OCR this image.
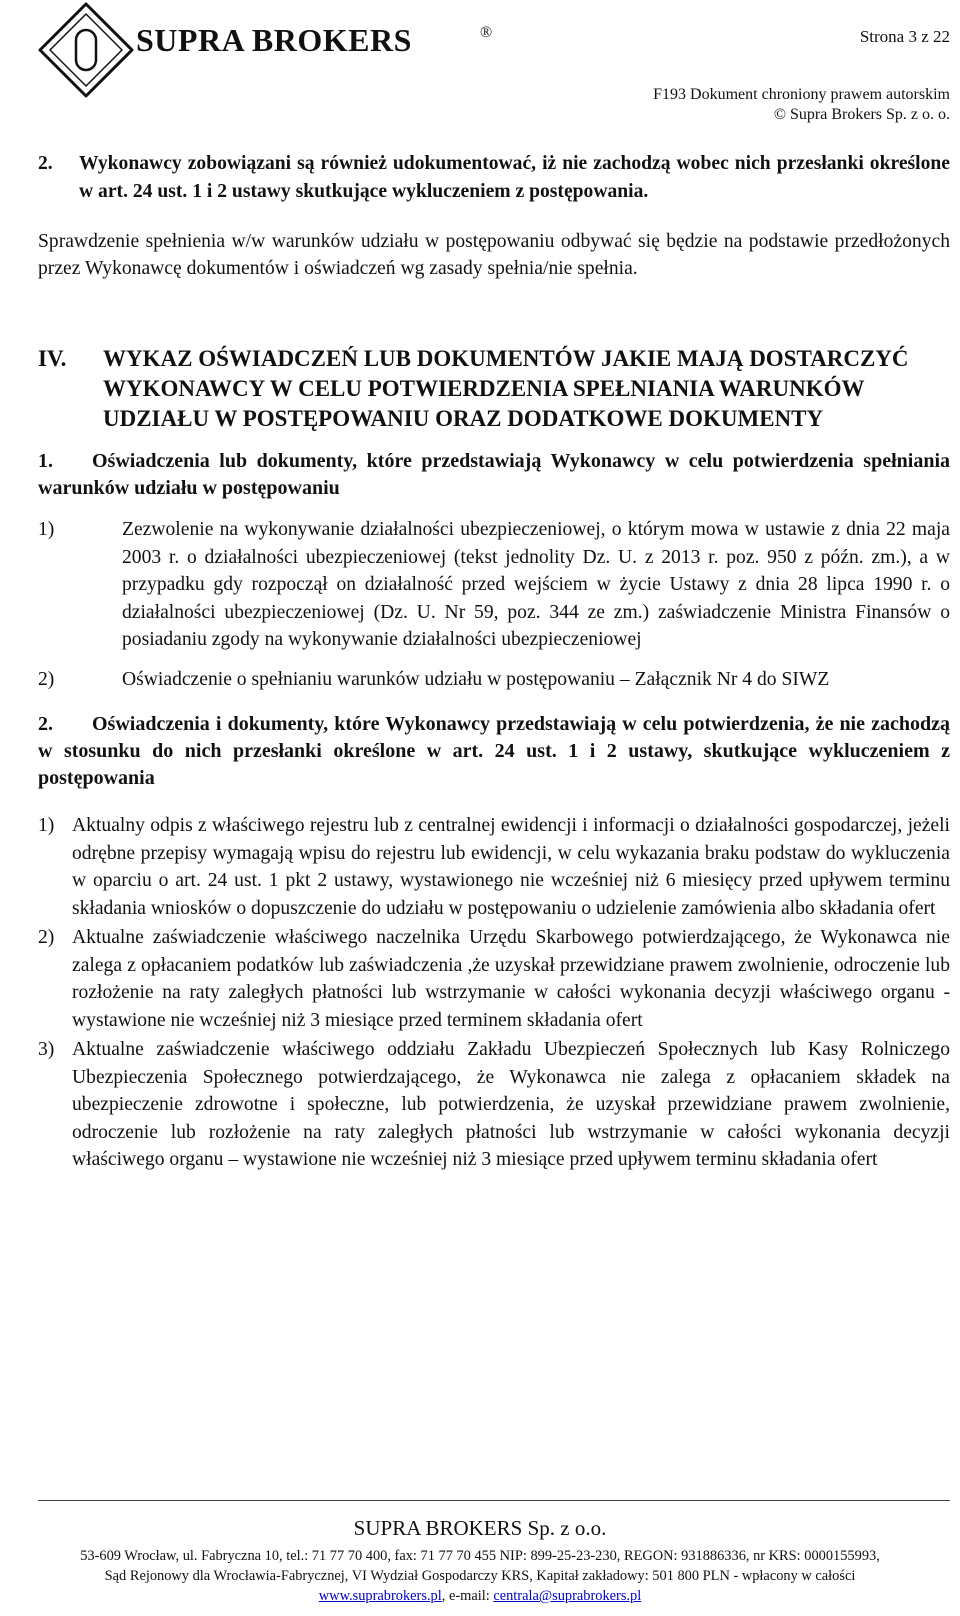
SUPRA BROKERS	®	Strona 3 z 22
F193 Dokument chroniony prawem autorskim
© Supra Brokers Sp. z o. o.
2.	Wykonawcy zobowiązani są również udokumentować, iż nie zachodzą wobec nich przesłanki określone w art. 24 ust. 1 i 2 ustawy skutkujące wykluczeniem z postępowania.

Sprawdzenie spełnienia w/w warunków udziału w postępowaniu odbywać się będzie na podstawie przedłożonych przez Wykonawcę dokumentów i oświadczeń wg zasady spełnia/nie spełnia.

IV.	WYKAZ OŚWIADCZEŃ LUB DOKUMENTÓW JAKIE MAJĄ DOSTARCZYĆ WYKONAWCY W CELU POTWIERDZENIA SPEŁNIANIA WARUNKÓW UDZIAŁU W POSTĘPOWANIU ORAZ DODATKOWE DOKUMENTY
1. Oświadczenia lub dokumenty, które przedstawiają Wykonawcy w celu potwierdzenia spełniania warunków udziału w postępowaniu
1)	Zezwolenie na wykonywanie działalności ubezpieczeniowej, o którym mowa w ustawie z dnia 22 maja 2003 r. o działalności ubezpieczeniowej (tekst jednolity Dz. U. z 2013 r. poz. 950 z późn. zm.), a w przypadku gdy rozpoczął on działalność przed wejściem w życie Ustawy z dnia 28 lipca 1990 r. o działalności ubezpieczeniowej (Dz. U. Nr 59, poz. 344 ze zm.) zaświadczenie Ministra Finansów o posiadaniu zgody na wykonywanie działalności ubezpieczeniowej
2)	Oświadczenie o spełnianiu warunków udziału w postępowaniu – Załącznik Nr 4 do SIWZ
2. Oświadczenia i dokumenty, które Wykonawcy przedstawiają w celu potwierdzenia, że nie zachodzą w stosunku do nich przesłanki określone w art. 24 ust. 1 i 2 ustawy, skutkujące wykluczeniem z postępowania
1) Aktualny odpis z właściwego rejestru lub z centralnej ewidencji i informacji o działalności gospodarczej, jeżeli odrębne przepisy wymagają wpisu do rejestru lub ewidencji, w celu wykazania braku podstaw do wykluczenia w oparciu o art. 24 ust. 1 pkt 2 ustawy, wystawionego nie wcześniej niż 6 miesięcy przed upływem terminu składania wniosków o dopuszczenie do udziału w postępowaniu o udzielenie zamówienia albo składania ofert
2) Aktualne zaświadczenie właściwego naczelnika Urzędu Skarbowego potwierdzającego, że Wykonawca nie zalega z opłacaniem podatków lub zaświadczenia ,że uzyskał przewidziane prawem zwolnienie, odroczenie lub rozłożenie na raty zaległych płatności lub wstrzymanie w całości wykonania decyzji właściwego organu - wystawione nie wcześniej niż 3 miesiące przed terminem składania ofert
3) Aktualne zaświadczenie właściwego oddziału Zakładu Ubezpieczeń Społecznych lub Kasy Rolniczego Ubezpieczenia Społecznego potwierdzającego, że Wykonawca nie zalega z opłacaniem składek na ubezpieczenie zdrowotne i społeczne, lub potwierdzenia, że uzyskał przewidziane prawem zwolnienie, odroczenie lub rozłożenie na raty zaległych płatności lub wstrzymanie w całości wykonania decyzji właściwego organu – wystawione nie wcześniej niż 3 miesiące przed upływem terminu składania ofert
SUPRA BROKERS Sp. z o.o.
53-609 Wrocław, ul. Fabryczna 10, tel.: 71 77 70 400, fax: 71 77 70 455 NIP: 899-25-23-230, REGON: 931886336, nr KRS: 0000155993,
Sąd Rejonowy dla Wrocławia-Fabrycznej, VI Wydział Gospodarczy KRS, Kapitał zakładowy: 501 800 PLN - wpłacony w całości
www.suprabrokers.pl, e-mail: centrala@suprabrokers.pl
